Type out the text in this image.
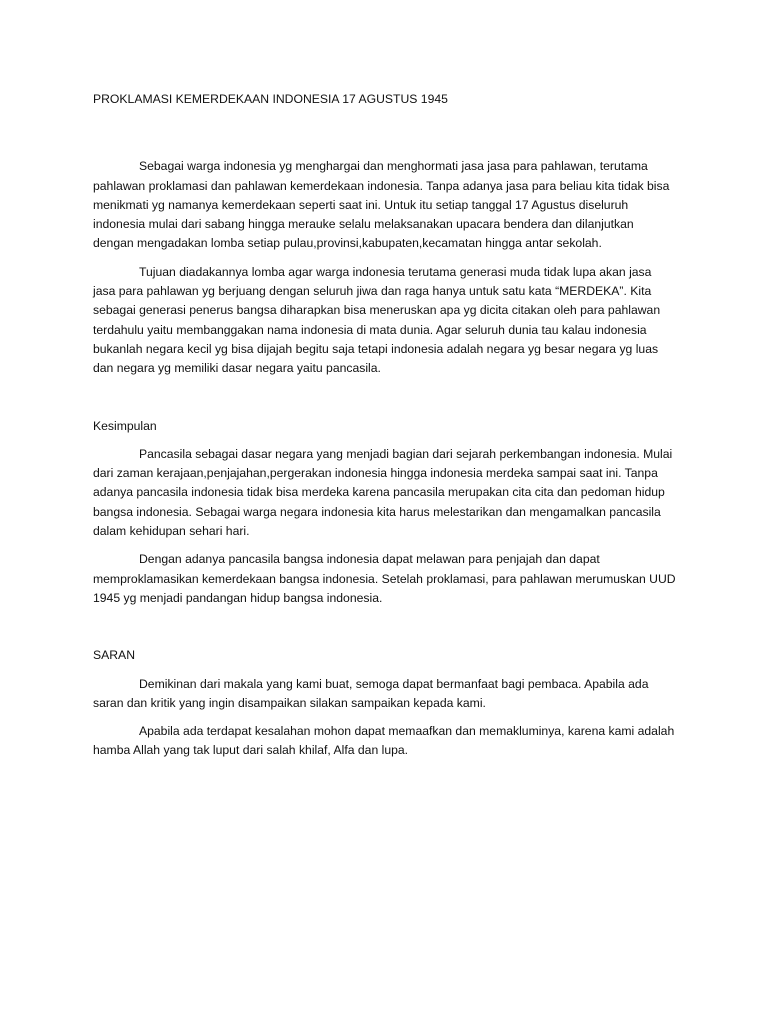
PROKLAMASI KEMERDEKAAN INDONESIA 17 AGUSTUS 1945

Sebagai warga indonesia yg menghargai dan menghormati jasa jasa para pahlawan, terutama pahlawan proklamasi dan pahlawan kemerdekaan indonesia. Tanpa adanya jasa para beliau kita tidak bisa menikmati yg namanya kemerdekaan seperti saat ini. Untuk itu setiap tanggal 17 Agustus diseluruh indonesia mulai dari sabang hingga merauke selalu melaksanakan upacara bendera dan dilanjutkan dengan mengadakan lomba setiap pulau,provinsi,kabupaten,kecamatan hingga antar sekolah.

Tujuan diadakannya lomba agar warga indonesia terutama generasi muda tidak lupa akan jasa jasa para pahlawan yg berjuang dengan seluruh jiwa dan raga hanya untuk satu kata “MERDEKA”. Kita sebagai generasi penerus bangsa diharapkan bisa meneruskan apa yg dicita citakan oleh para pahlawan terdahulu yaitu membanggakan nama indonesia di mata dunia. Agar seluruh dunia tau kalau indonesia bukanlah negara kecil yg bisa dijajah begitu saja tetapi indonesia adalah negara yg besar negara yg luas dan negara yg memiliki dasar negara yaitu pancasila.

Kesimpulan

Pancasila sebagai dasar negara yang menjadi bagian dari sejarah perkembangan indonesia. Mulai dari zaman kerajaan,penjajahan,pergerakan indonesia hingga indonesia merdeka sampai saat ini. Tanpa adanya pancasila indonesia tidak bisa merdeka karena pancasila merupakan cita cita dan pedoman hidup bangsa indonesia. Sebagai warga negara indonesia kita harus melestarikan dan mengamalkan pancasila dalam kehidupan sehari hari.

Dengan adanya pancasila bangsa indonesia dapat melawan para penjajah dan dapat memproklamasikan kemerdekaan bangsa indonesia. Setelah proklamasi, para pahlawan merumuskan UUD 1945 yg menjadi pandangan hidup bangsa indonesia.

SARAN

Demikinan dari makala yang kami buat, semoga dapat bermanfaat bagi pembaca. Apabila ada saran dan kritik yang ingin disampaikan silakan sampaikan kepada kami.

Apabila ada terdapat kesalahan mohon dapat memaafkan dan memakluminya, karena kami adalah hamba Allah yang tak luput dari salah khilaf, Alfa dan lupa.
